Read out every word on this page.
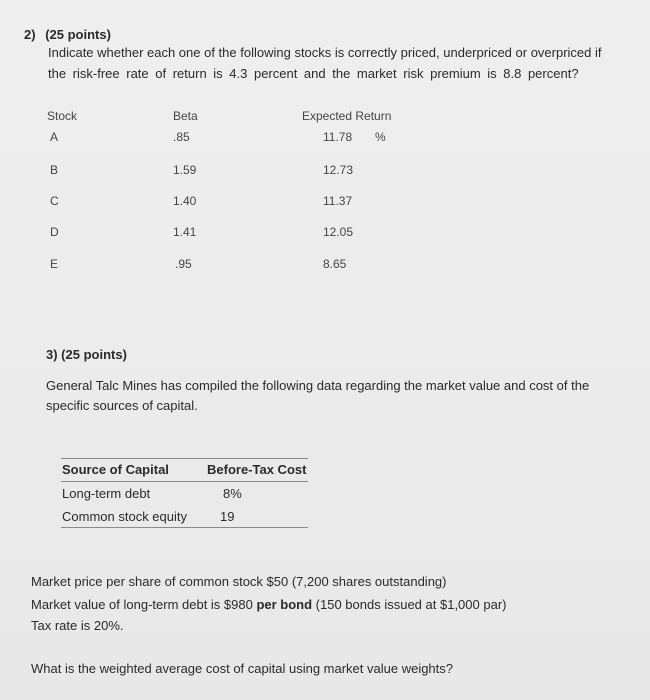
2) (25 points)
Indicate whether each one of the following stocks is correctly priced, underpriced or overpriced if
the risk-free rate of return is 4.3 percent and the market risk premium is 8.8 percent?
Stock	Beta	Expected Return
A	.85	11.78 %
B	1.59	12.73
C	1.40	11.37
D	1.41	12.05
E	.95	8.65
3) (25 points)
General Talc Mines has compiled the following data regarding the market value and cost of the
specific sources of capital.
Source of Capital	Before-Tax Cost
Long-term debt	8%
Common stock equity	19
Market price per share of common stock $50 (7,200 shares outstanding)
Market value of long-term debt is $980 per bond (150 bonds issued at $1,000 par)
Tax rate is 20%.
What is the weighted average cost of capital using market value weights?
